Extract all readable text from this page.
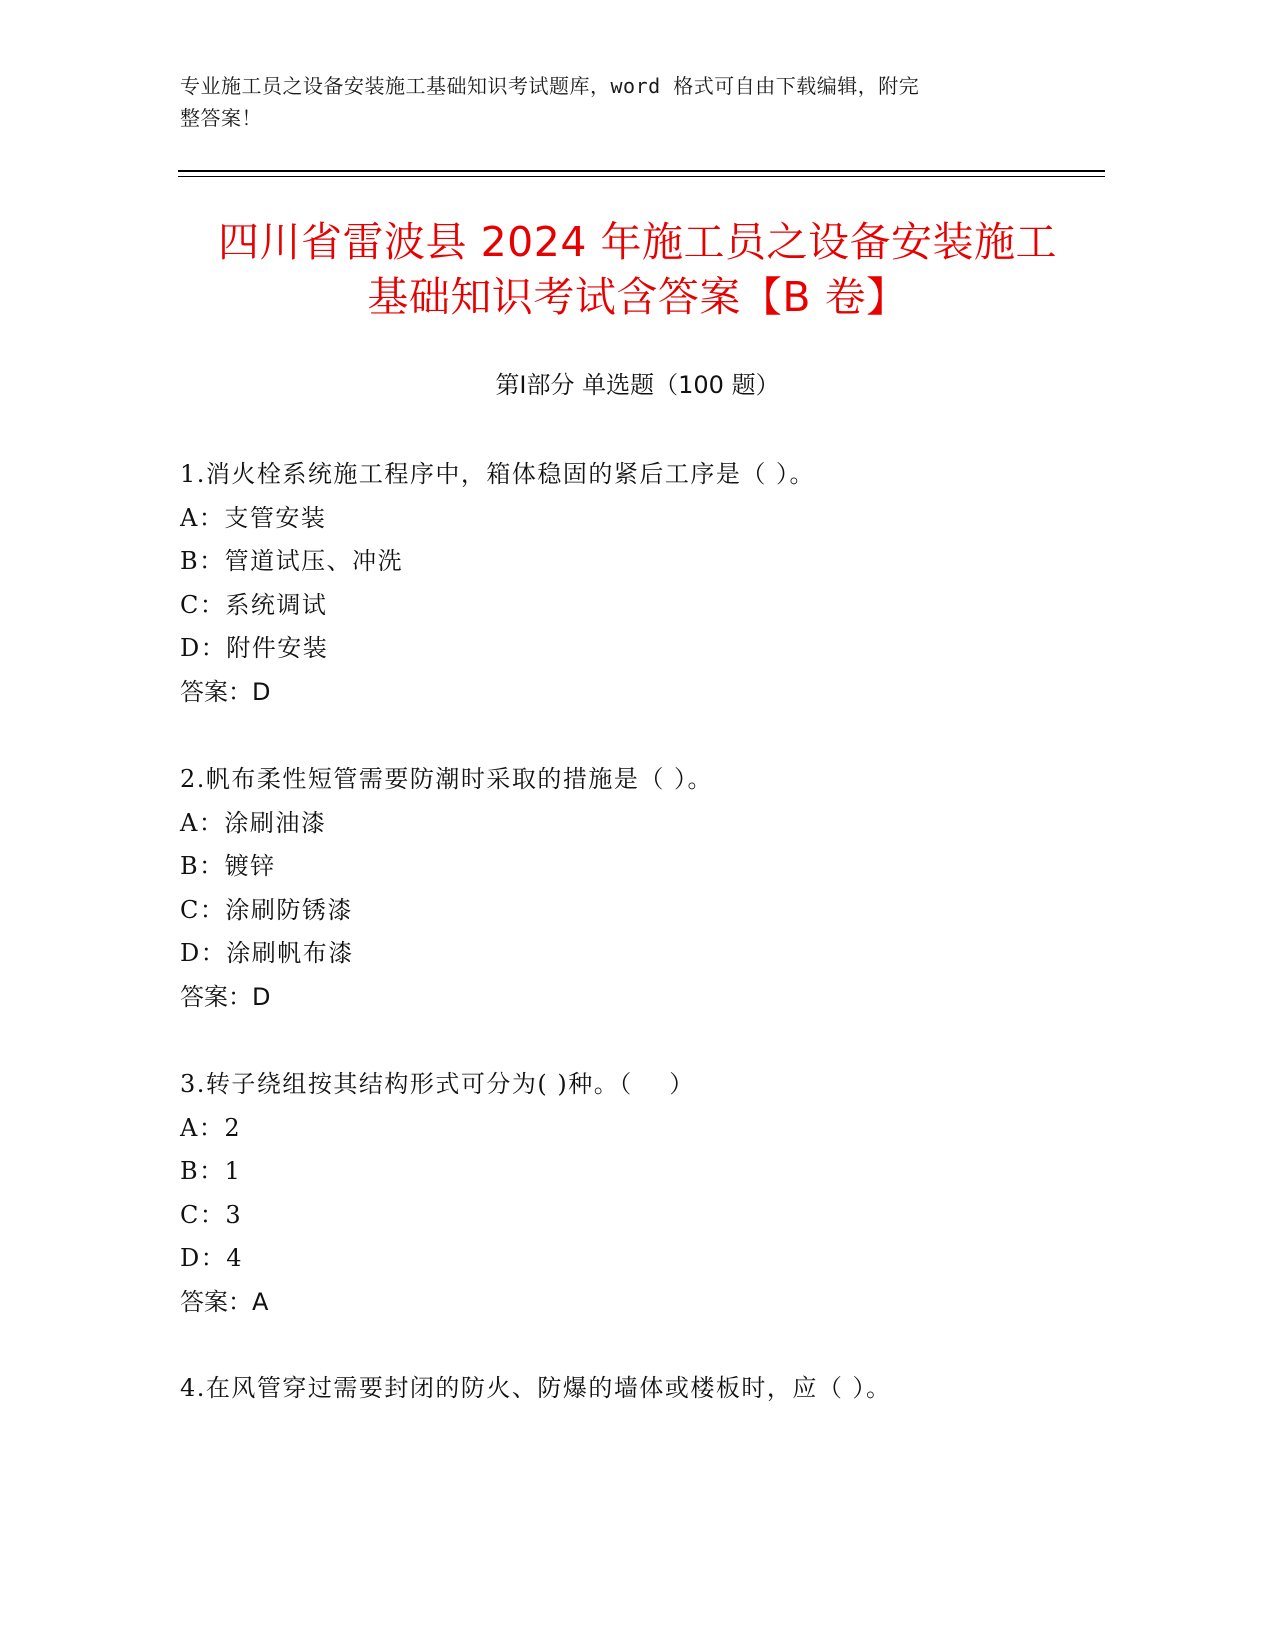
专业施工员之设备安装施工基础知识考试题库，word 格式可自由下载编辑，附完
整答案！
四川省雷波县 2024 年施工员之设备安装施工
基础知识考试含答案【B 卷】
第Ⅰ部分 单选题（100 题）
1.消火栓系统施工程序中，箱体稳固的紧后工序是（ ）。
A：支管安装
B：管道试压、冲洗
C：系统调试
D：附件安装
答案：D
2.帆布柔性短管需要防潮时采取的措施是（ ）。
A：涂刷油漆
B：镀锌
C：涂刷防锈漆
D：涂刷帆布漆
答案：D
3.转子绕组按其结构形式可分为( )种。（    ）
A：2
B：1
C：3
D：4
答案：A
4.在风管穿过需要封闭的防火、防爆的墙体或楼板时，应（ ）。
